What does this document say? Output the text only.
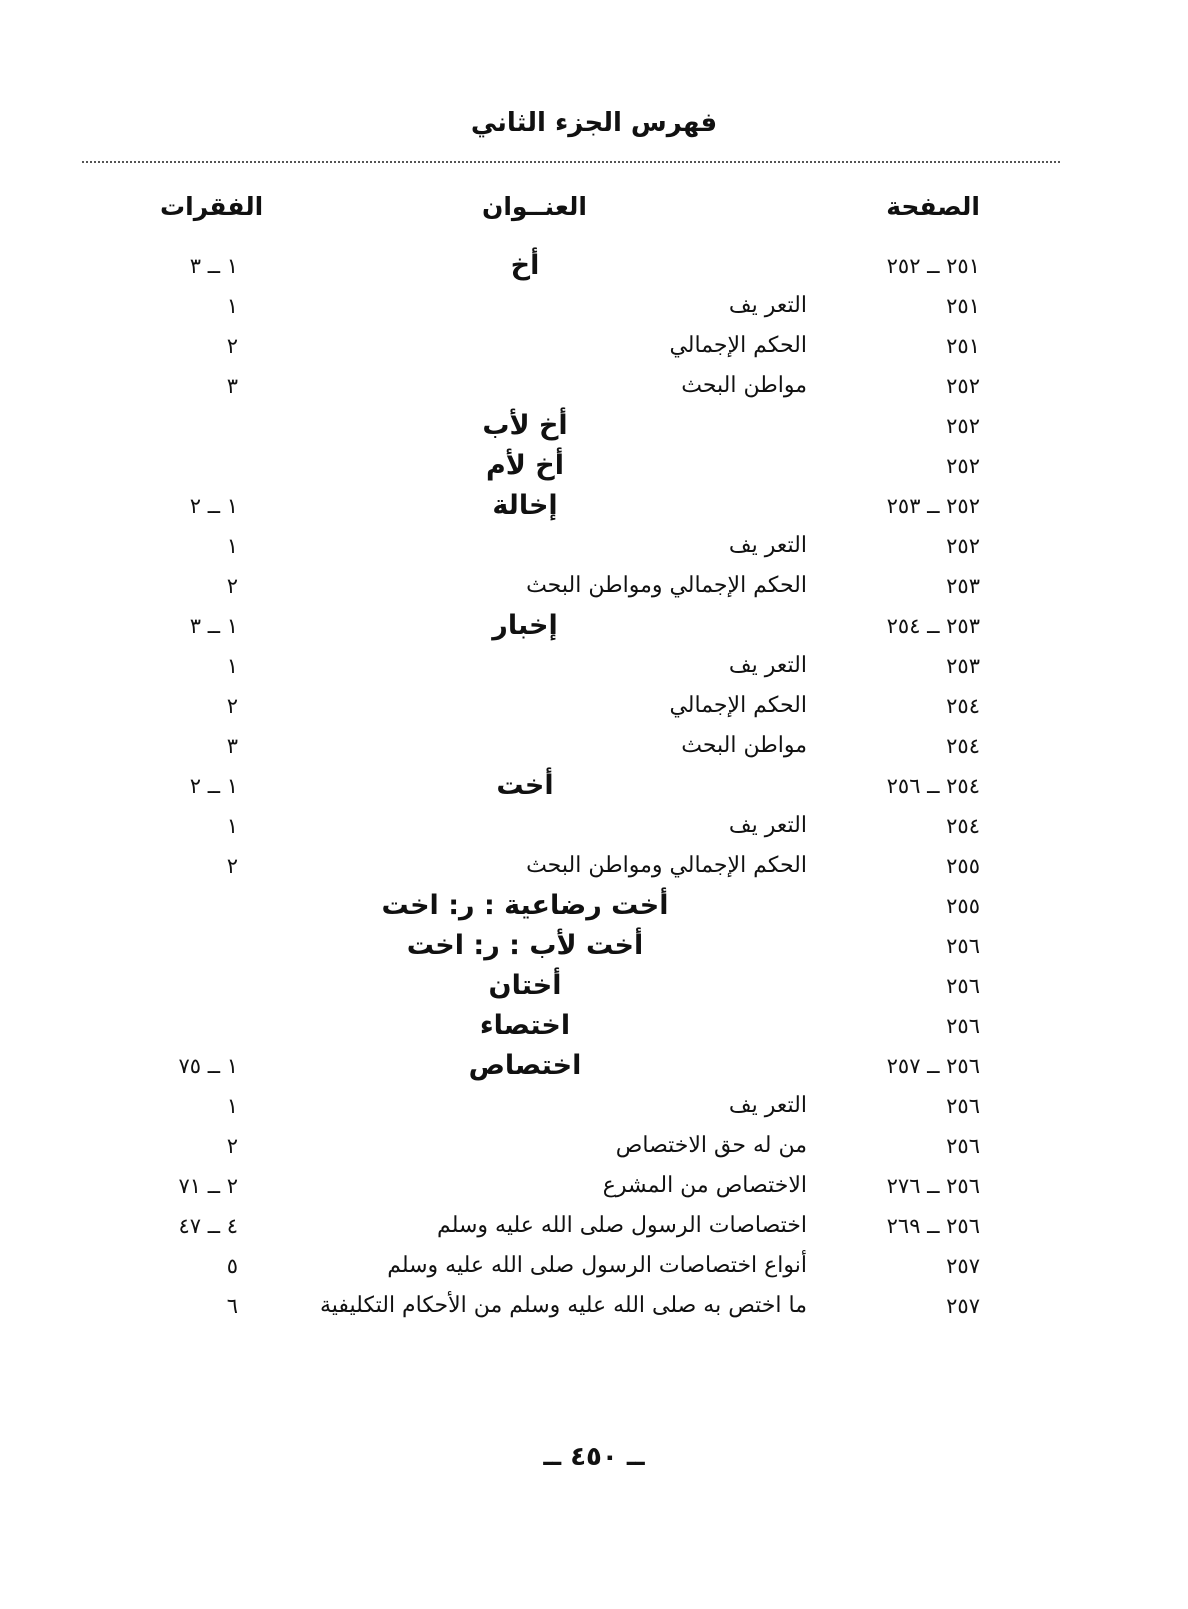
فهرس الجزء الثاني
الصفحة
العنــوان
الفقرات
٢٥١ ــ ٢٥٢
أخ
١ ــ ٣
٢٥١
التعر يف
١
٢٥١
الحكم الإجمالي
٢
٢٥٢
مواطن البحث
٣
٢٥٢
أخ لأب
٢٥٢
أخ لأم
٢٥٢ ــ ٢٥٣
إخالة
١ ــ ٢
٢٥٢
التعر يف
١
٢٥٣
الحكم الإجمالي ومواطن البحث
٢
٢٥٣ ــ ٢٥٤
إخبار
١ ــ ٣
٢٥٣
التعر يف
١
٢٥٤
الحكم الإجمالي
٢
٢٥٤
مواطن البحث
٣
٢٥٤ ــ ٢٥٦
أخت
١ ــ ٢
٢٥٤
التعر يف
١
٢٥٥
الحكم الإجمالي ومواطن البحث
٢
٢٥٥
أخت رضاعية : ر: اخت
٢٥٦
أخت لأب : ر: اخت
٢٥٦
أختان
٢٥٦
اختصاء
٢٥٦ ــ ٢٥٧
اختصاص
١ ــ ٧٥
٢٥٦
التعر يف
١
٢٥٦
من له حق الاختصاص
٢
٢٥٦ ــ ٢٧٦
الاختصاص من المشرع
٢ ــ ٧١
٢٥٦ ــ ٢٦٩
اختصاصات الرسول صلى الله عليه وسلم
٤ ــ ٤٧
٢٥٧
أنواع اختصاصات الرسول صلى الله عليه وسلم
٥
٢٥٧
ما اختص به صلى الله عليه وسلم من الأحكام التكليفية
٦
ــ ٤٥٠ ــ
